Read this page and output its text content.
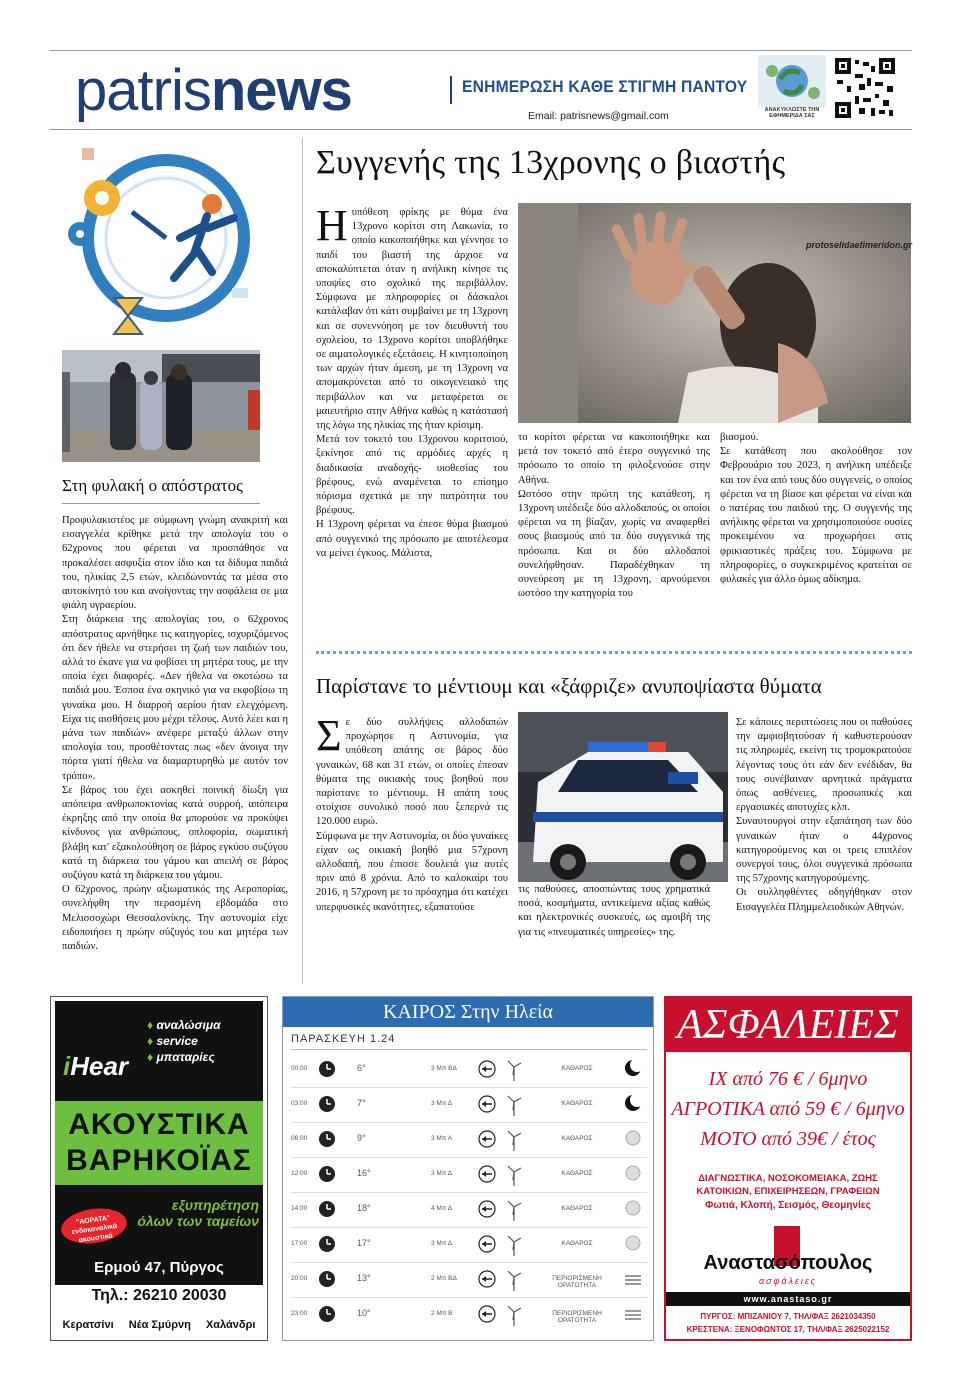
patrisnews	ΕΝΗΜΕΡΩΣΗ ΚΑΘΕ ΣΤΙΓΜΗ ΠΑΝΤΟΥ
Email: patrisnews@gmail.com	ΑΝΑΚΥΚΛΩΣΤΕ ΤΗΝ ΕΦΗΜΕΡΙΔΑ ΣΑΣ
Στη φυλακή ο απόστρατος

Προφυλακιστέος με σύμφωνη γνώμη ανακριτή και εισαγγελέα κρίθηκε μετά την απολογία του ο 62χρονος που φέρεται να προσπάθησε να προκαλέσει ασφυξία στον ίδιο και τα δίδυμα παιδιά του, ηλικίας 2,5 ετών, κλειδώνοντάς τα μέσα στο αυτοκίνητό του και ανοίγοντας την ασφάλεια σε μια φιάλη υγραερίου.

Στη διάρκεια της απολογίας του, ο 62χρονος απόστρατος αρνήθηκε τις κατηγορίες, ισχυριζόμενος ότι δεν ήθελε να στερήσει τη ζωή των παιδιών του, αλλά το έκανε για να φοβίσει τη μητέρα τους, με την οποία έχει διαφορές. «Δεν ήθελα να σκοτώσω τα παιδιά μου. Έσπσα ένα σκηνικό για να εκφοβίσω τη γυναίκα μου. Η διαρροή αερίου ήταν ελεγχόμενη. Είχα τις αισθήσεις μου μέχρι τέλους. Αυτό λέει και η μάνα των παιδιών» ανέφερε μεταξύ άλλων στην απολογία του, προσθέτοντας πως «δεν άνοιγα την πόρτα γιατί ήθελα να διαμαρτυρηθώ με αυτόν τον τρόπο».

Σε βάρος του έχει ασκηθεί ποινική δίωξη για απόπειρα ανθρωποκτονίας κατά συρροή, απόπειρα έκρηξης από την οποία θα μπορούσε να προκύψει κίνδυνος για ανθρώπους, οπλοφορία, σωματική βλάβη κατ' εξακολούθηση σε βάρος εγκύου συζύγου κατά τη διάρκεια του γάμου και απειλή σε βάρος συζύγου κατά τη διάρκεια του γάμου.

Ο 62χρονος, πρώην αξιωματικός της Αεροπορίας, συνελήφθη την περασμένη εβδομάδα στο Μελισσοχώρι Θεσσαλονίκης. Την αστυνομία είχε ειδοποιήσει η πρώην σύζυγός του και μητέρα των παιδιών.

Συγγενής της 13χρονης ο βιαστής
protoselidaefimeridon.gr
Η υπόθεση φρίκης με θύμα ένα 13χρονο κορίτσι στη Λακωνία, το οποίο κακοποιήθηκε και γέννησε το παιδί του βιαστή της άρχισε να αποκαλύπτεται όταν η ανήλικη κίνησε τις υποψίες στο σχολικό της περιβάλλον. Σύμφωνα με πληροφορίες οι δάσκαλοι κατάλαβαν ότι κάτι συμβαίνει με τη 13χρονη και σε συνεννόηση με τον διευθυντή του σχολείου, το 13χρονο κορίτσι υποβλήθηκε σε αιματολογικές εξετάσεις. Η κινητοποίηση των αρχών ήταν άμεση, με τη 13χρονη να απομακρύνεται από το οικογενειακό της περιβάλλον και να μεταφέρεται σε μαιευτήριο στην Αθήνα καθώς η κατάστασή της λόγω της ηλικίας της ήταν κρίσιμη.

Μετά τον τοκετό του 13χρονου κοριτσιού, ξεκίνησε από τις αρμόδιες αρχές η διαδικασία αναδοχής- υιοθεσίας του βρέφους, ενώ αναμένεται το επίσημο πόρισμα σχετικά με την πατρότητα του βρέφους.

Η 13χρονη φέρεται να έπεσε θύμα βιασμού από συγγενικό της πρόσωπο με αποτέλεσμα να μείνει έγκυος. Μάλιστα,

το κορίτσι φέρεται να κακοποιήθηκε και μετά τον τοκετό από έτερο συγγενικό της πρόσωπο το οποίο τη φιλοξενούσε στην Αθήνα.

Ωστόσο στην πρώτη της κατάθεση, η 13χρονη υπέδειξε δύο αλλοδαπούς, οι οποίοι φέρεται να τη βίαζαν, χωρίς να αναφερθεί σους βιασμούς από τα δύο συγγενικά της πρόσωπα. Και οι δύο αλλοδαποί συνελήφθησαν. Παραδέχθηκαν τη συνεύρεση με τη 13χρονη, αρνούμενοι ωστόσο την κατηγορία του

βιασμού.

Σε κατάθεση που ακολούθησε τον Φεβρουάριο του 2023, η ανήλικη υπέδειξε και τον ένα από τους δύο συγγενείς, ο οποίος φέρεται να τη βίασε και φέρεται να είναι και ο πατέρας του παιδιού της. Ο συγγενής της ανήλικης φέρεται να χρησιμοποιούσε ουσίες προκειμένου να προχωρήσει στις φρικιαστικές πράξεις του. Σύμφωνα με πληροφορίες, ο συγκεκριμένος κρατείται σε φυλακές για άλλο όμως αδίκημα.

Παρίστανε το μέντιουμ και «ξάφριζε» ανυποψίαστα θύματα
Σ ε δύο συλλήψεις αλλοδαπών προχώρησε η Αστυνομία, για υπόθεση απάτης σε βάρος δύο γυναικών, 68 και 31 ετών, οι οποίες έπεσαν θύματα της οικιακής τους βοηθού που παρίστανε το μέντιουμ. Η απάτη τους στοίχισε συνολικό ποσό που ξεπερνά τις 120.000 ευρώ.

Σύμφωνα με την Αστυνομία, οι δύο γυναίκες είχαν ως οικιακή βοηθό μια 57χρονη αλλοδαπή, που έπισσε δουλειά για αυτές πριν από 8 χρόνια. Από το καλοκαίρι του 2016, η 57χρονη με το πρόσχημα ότι κατέχει υπερφυσικές ικανότητες, εξαπατούσε

τις παθούσες, αποσπώντας τους χρηματικά ποσά, κοσμήματα, αντικείμενα αξίας καθώς και ηλεκτρονικές συσκευές, ως αμοιβή της για τις «πνευματικές υπηρεσίες» της.

Σε κάποιες περιπτώσεις που οι παθούσες την αμφισβητούσαν ή καθυστερούσαν τις πληρωμές, εκείνη τις τρομοκρατούσε λέγοντας τους ότι εάν δεν ενέδιδαν, θα τους συνέβαιναν αρνητικά πράγματα όπως ασθένειες, προσωπικές και εργασιακές αποτυχίες κλπ.

Συναυτουργοί στην εξαπάτηση των δύο γυναικών ήταν ο 44χρονος κατηγορούμενος και οι τρεις επιπλέον συνεργοί τους, όλοι συγγενικά πρόσωπα της 57χρονης κατηγορούμενης.

Οι συλληφθέντες οδηγήθηκαν στον Εισαγγελέα Πλημμελειοδικών Αθηνών.

iHear
♦ αναλώσιμα
♦ service
♦ μπαταρίες
ΑΚΟΥΣΤΙΚΑ
ΒΑΡΗΚΟΪΑΣ
"ΑΟΡΑΤΑ" ενδοκαναλικά ακουστικά
εξυπηρέτηση όλων των ταμείων
Ερμού 47, Πύργος
Τηλ.: 26210 20030
Κερατσίνι Νέα Σμύρνη Χαλάνδρι
ΚΑΙΡΟΣ Στην Ηλεία
ΠΑΡΑΣΚΕΥΗ 1.24
00:00	6°	3 Μπ ΒΔ	ΚΑΘΑΡΟΣ
03:00	7°	3 Μπ Δ	ΚΑΘΑΡΟΣ
06:00	9°	3 Μπ Α	ΚΑΘΑΡΟΣ
12:00	16°	3 Μπ Δ	ΚΑΘΑΡΟΣ
14:00	18°	4 Μπ Δ	ΚΑΘΑΡΟΣ
17:00	17°	3 Μπ Δ	ΚΑΘΑΡΟΣ
20:00	13°	2 Μπ ΒΔ	ΠΕΡΙΟΡΙΣΜΕΝΗ ΟΡΑΤΟΤΗΤΑ
23:00	10°	2 Μπ Β	ΠΕΡΙΟΡΙΣΜΕΝΗ ΟΡΑΤΟΤΗΤΑ
ΑΣΦΑΛΕΙΕΣ
ΙΧ από 76 € / 6μηνο
ΑΓΡΟΤΙΚΑ από 59 € / 6μηνο
ΜΟΤΟ από 39€ / έτος
ΔΙΑΓΝΩΣΤΙΚΑ, ΝΟΣΟΚΟΜΕΙΑΚΑ, ΖΩΗΣ ΚΑΤΟΙΚΙΩΝ, ΕΠΙΧΕΙΡΗΣΕΩΝ, ΓΡΑΦΕΙΩΝ
Φωτιά, Κλοπή, Σεισμός, Θεομηνίες
Αναστασόπουλος
ασφάλειες
www.anastaso.gr
ΠΥΡΓΟΣ: ΜΠΙΖΑΝΙΟΥ 7, ΤΗΛ/ΦΑΞ 2621034350
ΚΡΕΣΤΕΝΑ: ΞΕΝΟΦΩΝΤΟΣ 17, ΤΗΛ/ΦΑΞ 2625022152
